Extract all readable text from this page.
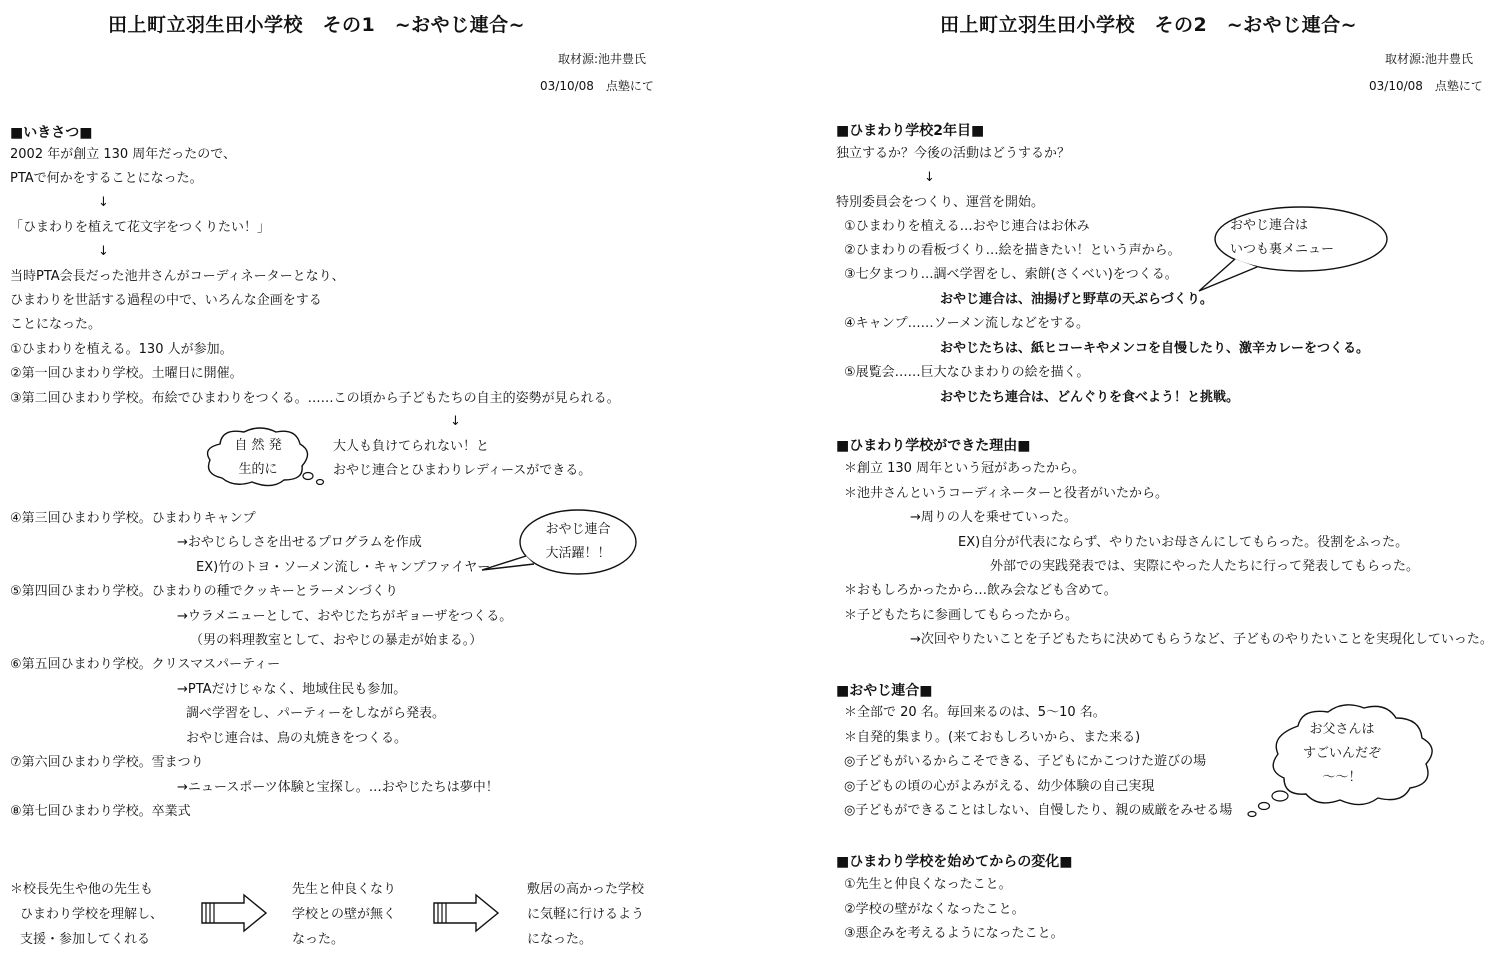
田上町立羽生田小学校　その1　~おやじ連合~
取材源:池井豊氏
03/10/08　点塾にて
■いきさつ■
2002 年が創立 130 周年だったので、
PTAで何かをすることになった。
↓
「ひまわりを植えて花文字をつくりたい！」
↓
当時PTA会長だった池井さんがコーディネーターとなり、
ひまわりを世話する過程の中で、いろんな企画をする
ことになった。
①ひまわりを植える。130 人が参加。
②第一回ひまわり学校。土曜日に開催。
③第二回ひまわり学校。布絵でひまわりをつくる。……この頃から子どもたちの自主的姿勢が見られる。
↓
大人も負けてられない！と
おやじ連合とひまわりレディースができる。
自 然 発
生的に
④第三回ひまわり学校。ひまわりキャンプ
→おやじらしさを出せるプログラムを作成
EX)竹のトヨ・ソーメン流し・キャンプファイヤー
おやじ連合
大活躍！！
⑤第四回ひまわり学校。ひまわりの種でクッキーとラーメンづくり
→ウラメニューとして、おやじたちがギョーザをつくる。
（男の料理教室として、おやじの暴走が始まる。）
⑥第五回ひまわり学校。クリスマスパーティー
→PTAだけじゃなく、地域住民も参加。
調べ学習をし、パーティーをしながら発表。
おやじ連合は、鳥の丸焼きをつくる。
⑦第六回ひまわり学校。雪まつり
→ニュースポーツ体験と宝探し。…おやじたちは夢中！
⑧第七回ひまわり学校。卒業式
＊校長先生や他の先生も
ひまわり学校を理解し、
支援・参加してくれる
先生と仲良くなり
学校との壁が無く
なった。
敷居の高かった学校
に気軽に行けるよう
になった。
田上町立羽生田小学校　その2　~おやじ連合~
取材源:池井豊氏
03/10/08　点塾にて
■ひまわり学校2年目■
独立するか？今後の活動はどうするか？
↓
特別委員会をつくり、運営を開始。
①ひまわりを植える…おやじ連合はお休み
②ひまわりの看板づくり…絵を描きたい！という声から。
③七夕まつり…調べ学習をし、索餅(さくべい)をつくる。
おやじ連合は、油揚げと野草の天ぷらづくり。
④キャンプ……ソーメン流しなどをする。
おやじたちは、紙ヒコーキやメンコを自慢したり、激辛カレーをつくる。
⑤展覧会……巨大なひまわりの絵を描く。
おやじたち連合は、どんぐりを食べよう！と挑戦。
おやじ連合は
いつも裏メニュー
■ひまわり学校ができた理由■
＊創立 130 周年という冠があったから。
＊池井さんというコーディネーターと役者がいたから。
→周りの人を乗せていった。
EX)自分が代表にならず、やりたいお母さんにしてもらった。役割をふった。
外部での実践発表では、実際にやった人たちに行って発表してもらった。
＊おもしろかったから…飲み会なども含めて。
＊子どもたちに参画してもらったから。
→次回やりたいことを子どもたちに決めてもらうなど、子どものやりたいことを実現化していった。
■おやじ連合■
＊全部で 20 名。毎回来るのは、5～10 名。
＊自発的集まり。(来ておもしろいから、また来る)
◎子どもがいるからこそできる、子どもにかこつけた遊びの場
◎子どもの頃の心がよみがえる、幼少体験の自己実現
◎子どもができることはしない、自慢したり、親の威厳をみせる場
お父さんは
すごいんだぞ
～～！
■ひまわり学校を始めてからの変化■
①先生と仲良くなったこと。
②学校の壁がなくなったこと。
③悪企みを考えるようになったこと。
